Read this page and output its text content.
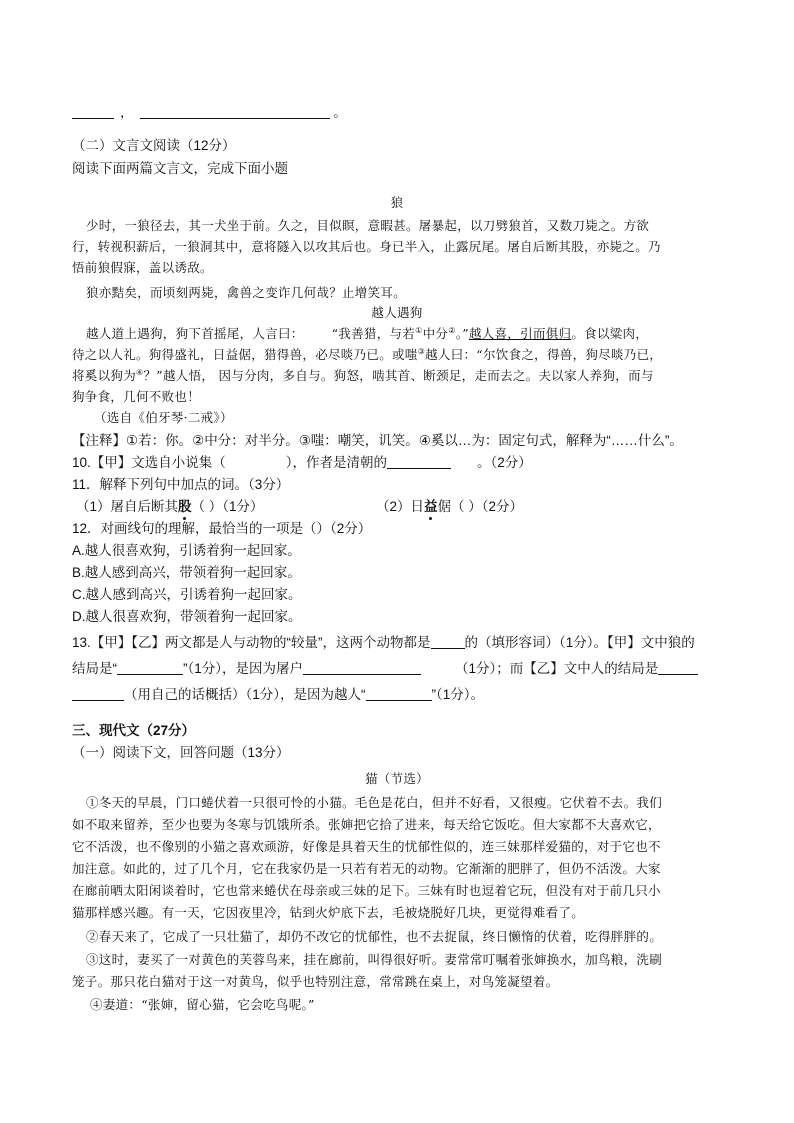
，	。
（二）文言文阅读（12分）
阅读下面两篇文言文，完成下面小题
狼
少时，一狼径去，其一犬坐于前。久之，目似瞑，意暇甚。屠暴起，以刀劈狼首，又数刀毙之。方欲
行，转视积薪后，一狼洞其中，意将隧入以攻其后也。身已半入，止露尻尾。屠自后断其股，亦毙之。乃
悟前狼假寐，盖以诱敌。
狼亦黠矣，而顷刻两毙，禽兽之变诈几何哉？止增笑耳。
越人遇狗
越人道上遇狗，狗下首摇尾，人言曰： “我善猎，与若①中分②。”越人喜，引而俱归。食以粱肉，
待之以人礼。狗得盛礼，日益倨，猎得兽，必尽啖乃已。或嗤③越人曰：“尔饮食之，得兽，狗尽啖乃已，
将奚以狗为④？”越人悟， 因与分肉，多自与。狗怒，啮其首、断颈足，走而去之。夫以家人养狗，而与
狗争食，几何不败也！
（选自《伯牙琴·二戒》）
【注释】①若：你。②中分：对半分。③嗤：嘲笑，讥笑。④奚以…为：固定句式，解释为“……什么”。
10.【甲】文选自小说集（	），作者是清朝的	。（2分）
11．解释下列句中加点的词。（3分）
（1）屠自后断其股（ ）（1分）	（2）日益倨（ ）（2分）
12．对画线句的理解，最恰当的一项是（）（2分）
A.越人很喜欢狗，引诱着狗一起回家。
B.越人感到高兴，带领着狗一起回家。
C.越人感到高兴，引诱着狗一起回家。
D.越人很喜欢狗，带领着狗一起回家。
13.【甲】【乙】两文都是人与动物的“较量”，这两个动物都是	的（填形容词）（1分）。【甲】文中狼的
结局是“	”（1分），是因为屠户	（1分）；而【乙】文中人的结局是
（用自己的话概括）（1分），是因为越人“	”（1分）。
三、现代文（27分）
（一）阅读下文，回答问题（13分）
猫（节选）
①冬天的早晨，门口蜷伏着一只很可怜的小猫。毛色是花白，但并不好看，又很瘦。它伏着不去。我们
如不取来留养，至少也要为冬寒与饥饿所杀。张婶把它拾了进来，每天给它饭吃。但大家都不大喜欢它，
它不活泼，也不像别的小猫之喜欢顽游，好像是具着天生的忧郁性似的，连三妹那样爱猫的，对于它也不
加注意。如此的，过了几个月，它在我家仍是一只若有若无的动物。它渐渐的肥胖了，但仍不活泼。大家
在廊前晒太阳闲谈着时，它也常来蜷伏在母亲或三妹的足下。三妹有时也逗着它玩，但没有对于前几只小
猫那样感兴趣。有一天，它因夜里冷，钻到火炉底下去，毛被烧脱好几块，更觉得难看了。
②春天来了，它成了一只壮猫了，却仍不改它的忧郁性，也不去捉鼠，终日懒惰的伏着，吃得胖胖的。
③这时，妻买了一对黄色的芙蓉鸟来，挂在廊前，叫得很好听。妻常常叮嘱着张婶换水，加鸟粮，洗刷
笼子。那只花白猫对于这一对黄鸟，似乎也特别注意，常常跳在桌上，对鸟笼凝望着。
④妻道：“张婶，留心猫，它会吃鸟呢。”
